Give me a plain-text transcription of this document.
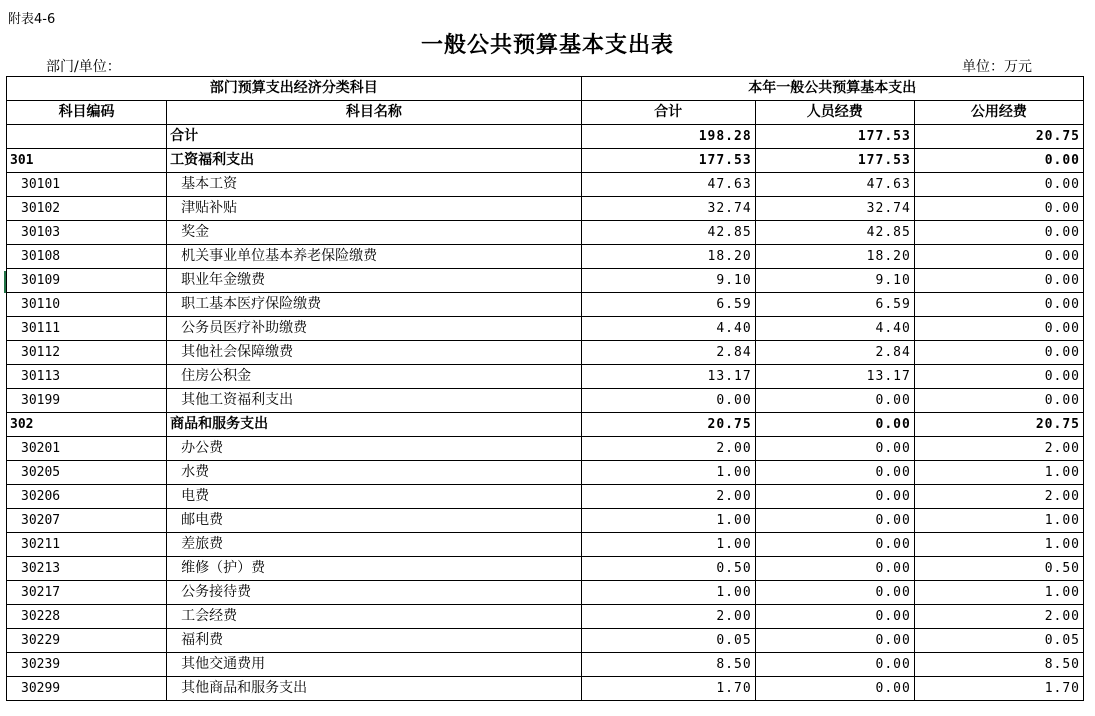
附表4-6
一般公共预算基本支出表
部门/单位：	单位：万元
部门预算支出经济分类科目		本年一般公共预算基本支出		
科目编码	科目名称	合计	人员经费	公用经费
	合计	198.28	177.53	20.75
301	工资福利支出	177.53	177.53	0.00
30101	基本工资	47.63	47.63	0.00
30102	津贴补贴	32.74	32.74	0.00
30103	奖金	42.85	42.85	0.00
30108	机关事业单位基本养老保险缴费	18.20	18.20	0.00
30109	职业年金缴费	9.10	9.10	0.00
30110	职工基本医疗保险缴费	6.59	6.59	0.00
30111	公务员医疗补助缴费	4.40	4.40	0.00
30112	其他社会保障缴费	2.84	2.84	0.00
30113	住房公积金	13.17	13.17	0.00
30199	其他工资福利支出	0.00	0.00	0.00
302	商品和服务支出	20.75	0.00	20.75
30201	办公费	2.00	0.00	2.00
30205	水费	1.00	0.00	1.00
30206	电费	2.00	0.00	2.00
30207	邮电费	1.00	0.00	1.00
30211	差旅费	1.00	0.00	1.00
30213	维修（护）费	0.50	0.00	0.50
30217	公务接待费	1.00	0.00	1.00
30228	工会经费	2.00	0.00	2.00
30229	福利费	0.05	0.00	0.05
30239	其他交通费用	8.50	0.00	8.50
30299	其他商品和服务支出	1.70	0.00	1.70
